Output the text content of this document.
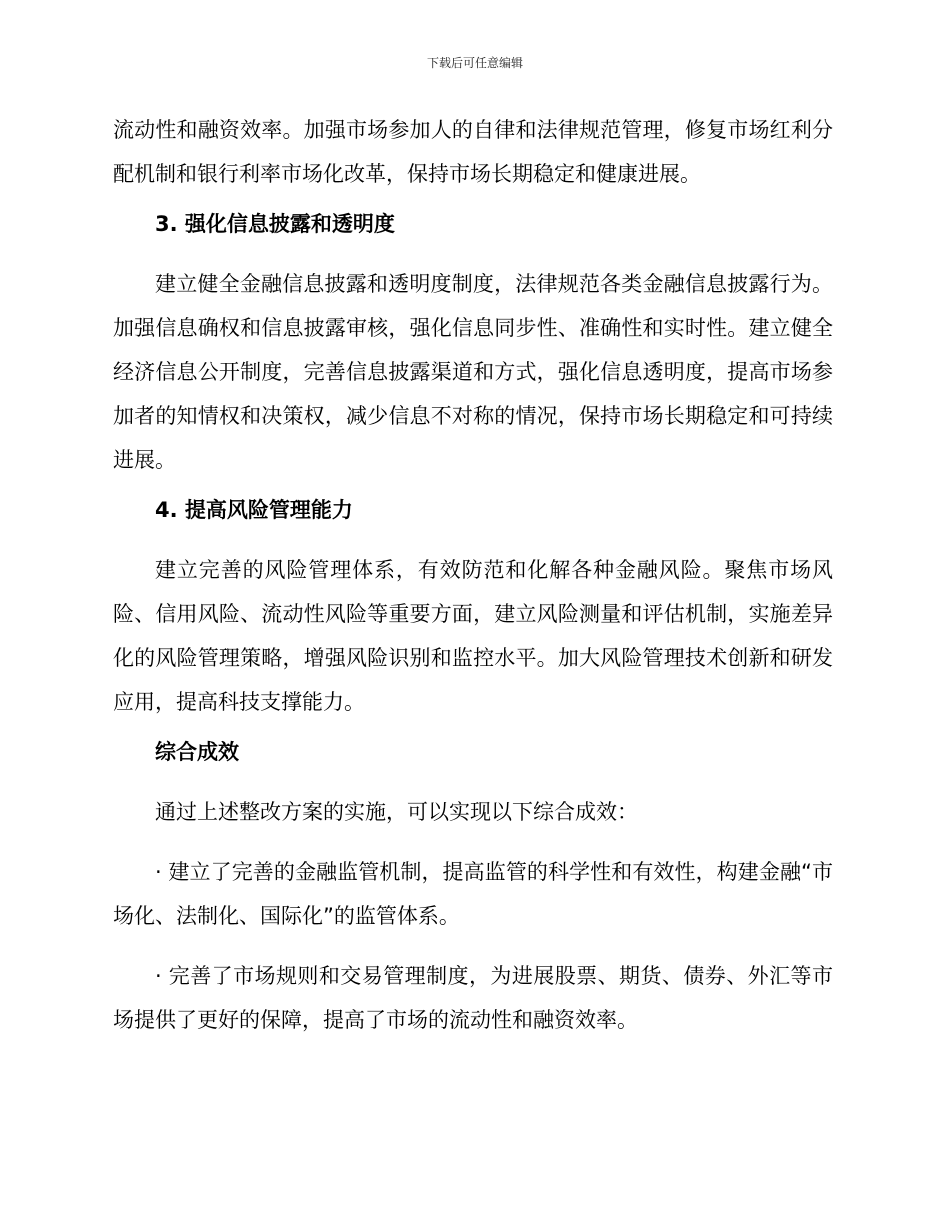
下载后可任意编辑

流动性和融资效率。加强市场参加人的自律和法律规范管理，修复市场红利分配机制和银行利率市场化改革，保持市场长期稳定和健康进展。

3. 强化信息披露和透明度

建立健全金融信息披露和透明度制度，法律规范各类金融信息披露行为。加强信息确权和信息披露审核，强化信息同步性、准确性和实时性。建立健全经济信息公开制度，完善信息披露渠道和方式，强化信息透明度，提高市场参加者的知情权和决策权，减少信息不对称的情况，保持市场长期稳定和可持续进展。

4. 提高风险管理能力

建立完善的风险管理体系，有效防范和化解各种金融风险。聚焦市场风险、信用风险、流动性风险等重要方面，建立风险测量和评估机制，实施差异化的风险管理策略，增强风险识别和监控水平。加大风险管理技术创新和研发应用，提高科技支撑能力。

综合成效

通过上述整改方案的实施，可以实现以下综合成效：

· 建立了完善的金融监管机制，提高监管的科学性和有效性，构建金融“市场化、法制化、国际化”的监管体系。

· 完善了市场规则和交易管理制度，为进展股票、期货、债券、外汇等市场提供了更好的保障，提高了市场的流动性和融资效率。
